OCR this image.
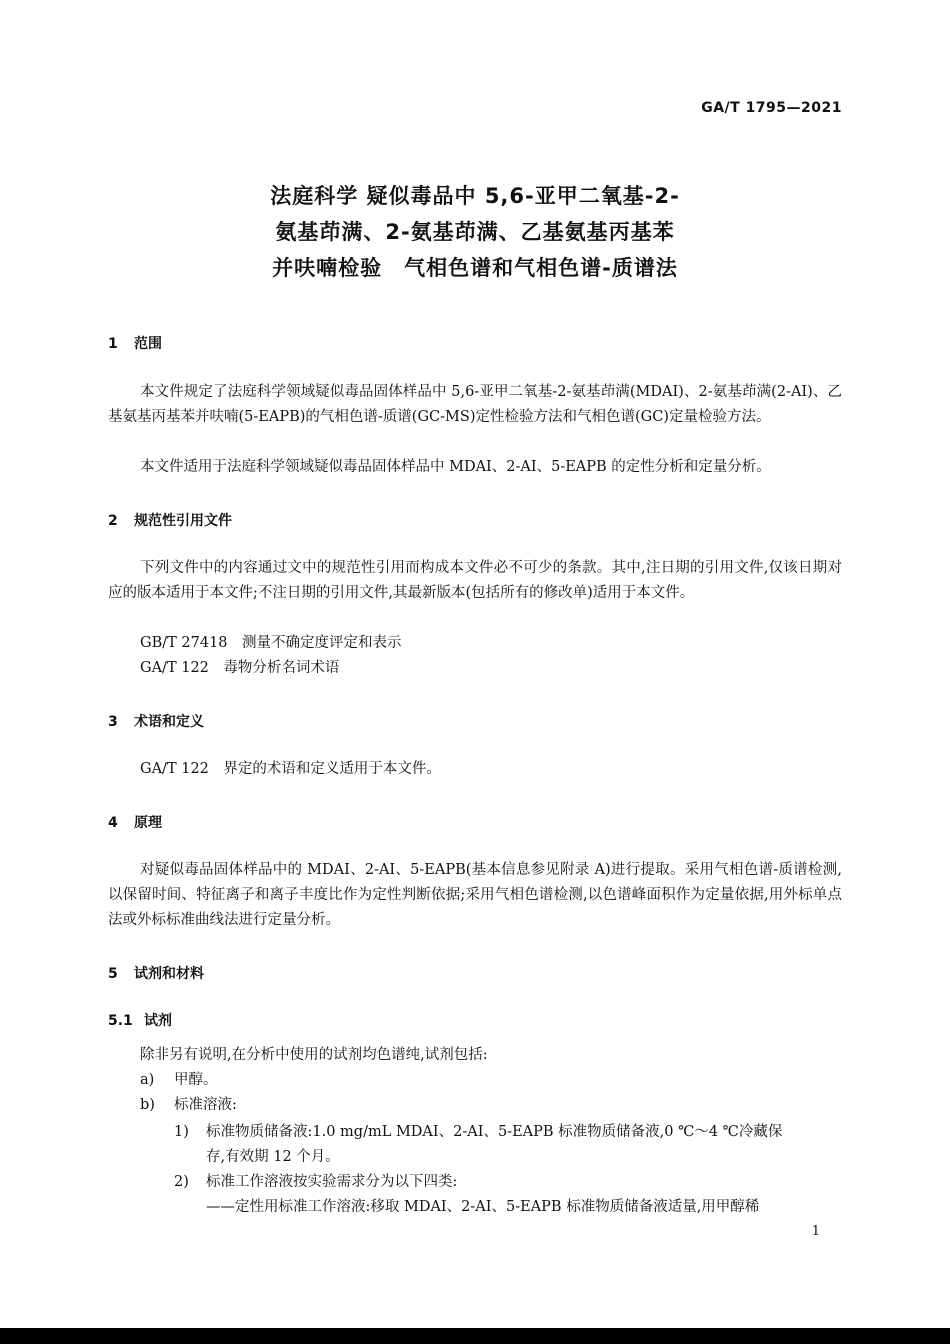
GA/T 1795—2021
法庭科学 疑似毒品中 5,6-亚甲二氧基-2-
氨基茚满、2-氨基茚满、乙基氨基丙基苯
并呋喃检验　气相色谱和气相色谱-质谱法
1 范围
本文件规定了法庭科学领域疑似毒品固体样品中 5,6-亚甲二氧基-2-氨基茚满(MDAI)、2-氨基茚满(2-AI)、乙基氨基丙基苯并呋喃(5-EAPB)的气相色谱-质谱(GC-MS)定性检验方法和气相色谱(GC)定量检验方法。
本文件适用于法庭科学领域疑似毒品固体样品中 MDAI、2-AI、5-EAPB 的定性分析和定量分析。
2 规范性引用文件
下列文件中的内容通过文中的规范性引用而构成本文件必不可少的条款。其中,注日期的引用文件,仅该日期对应的版本适用于本文件;不注日期的引用文件,其最新版本(包括所有的修改单)适用于本文件。
GB/T 27418　测量不确定度评定和表示
GA/T 122　毒物分析名词术语
3 术语和定义
GA/T 122　界定的术语和定义适用于本文件。
4 原理
对疑似毒品固体样品中的 MDAI、2-AI、5-EAPB(基本信息参见附录 A)进行提取。采用气相色谱-质谱检测,以保留时间、特征离子和离子丰度比作为定性判断依据;采用气相色谱检测,以色谱峰面积作为定量依据,用外标单点法或外标标准曲线法进行定量分析。
5 试剂和材料
5.1 试剂
除非另有说明,在分析中使用的试剂均色谱纯,试剂包括:
a) 甲醇。
b) 标准溶液:
1) 标准物质储备液:1.0 mg/mL MDAI、2-AI、5-EAPB 标准物质储备液,0 ℃～4 ℃冷藏保
存,有效期 12 个月。
2) 标准工作溶液按实验需求分为以下四类:
——定性用标准工作溶液:移取 MDAI、2-AI、5-EAPB 标准物质储备液适量,用甲醇稀
1
